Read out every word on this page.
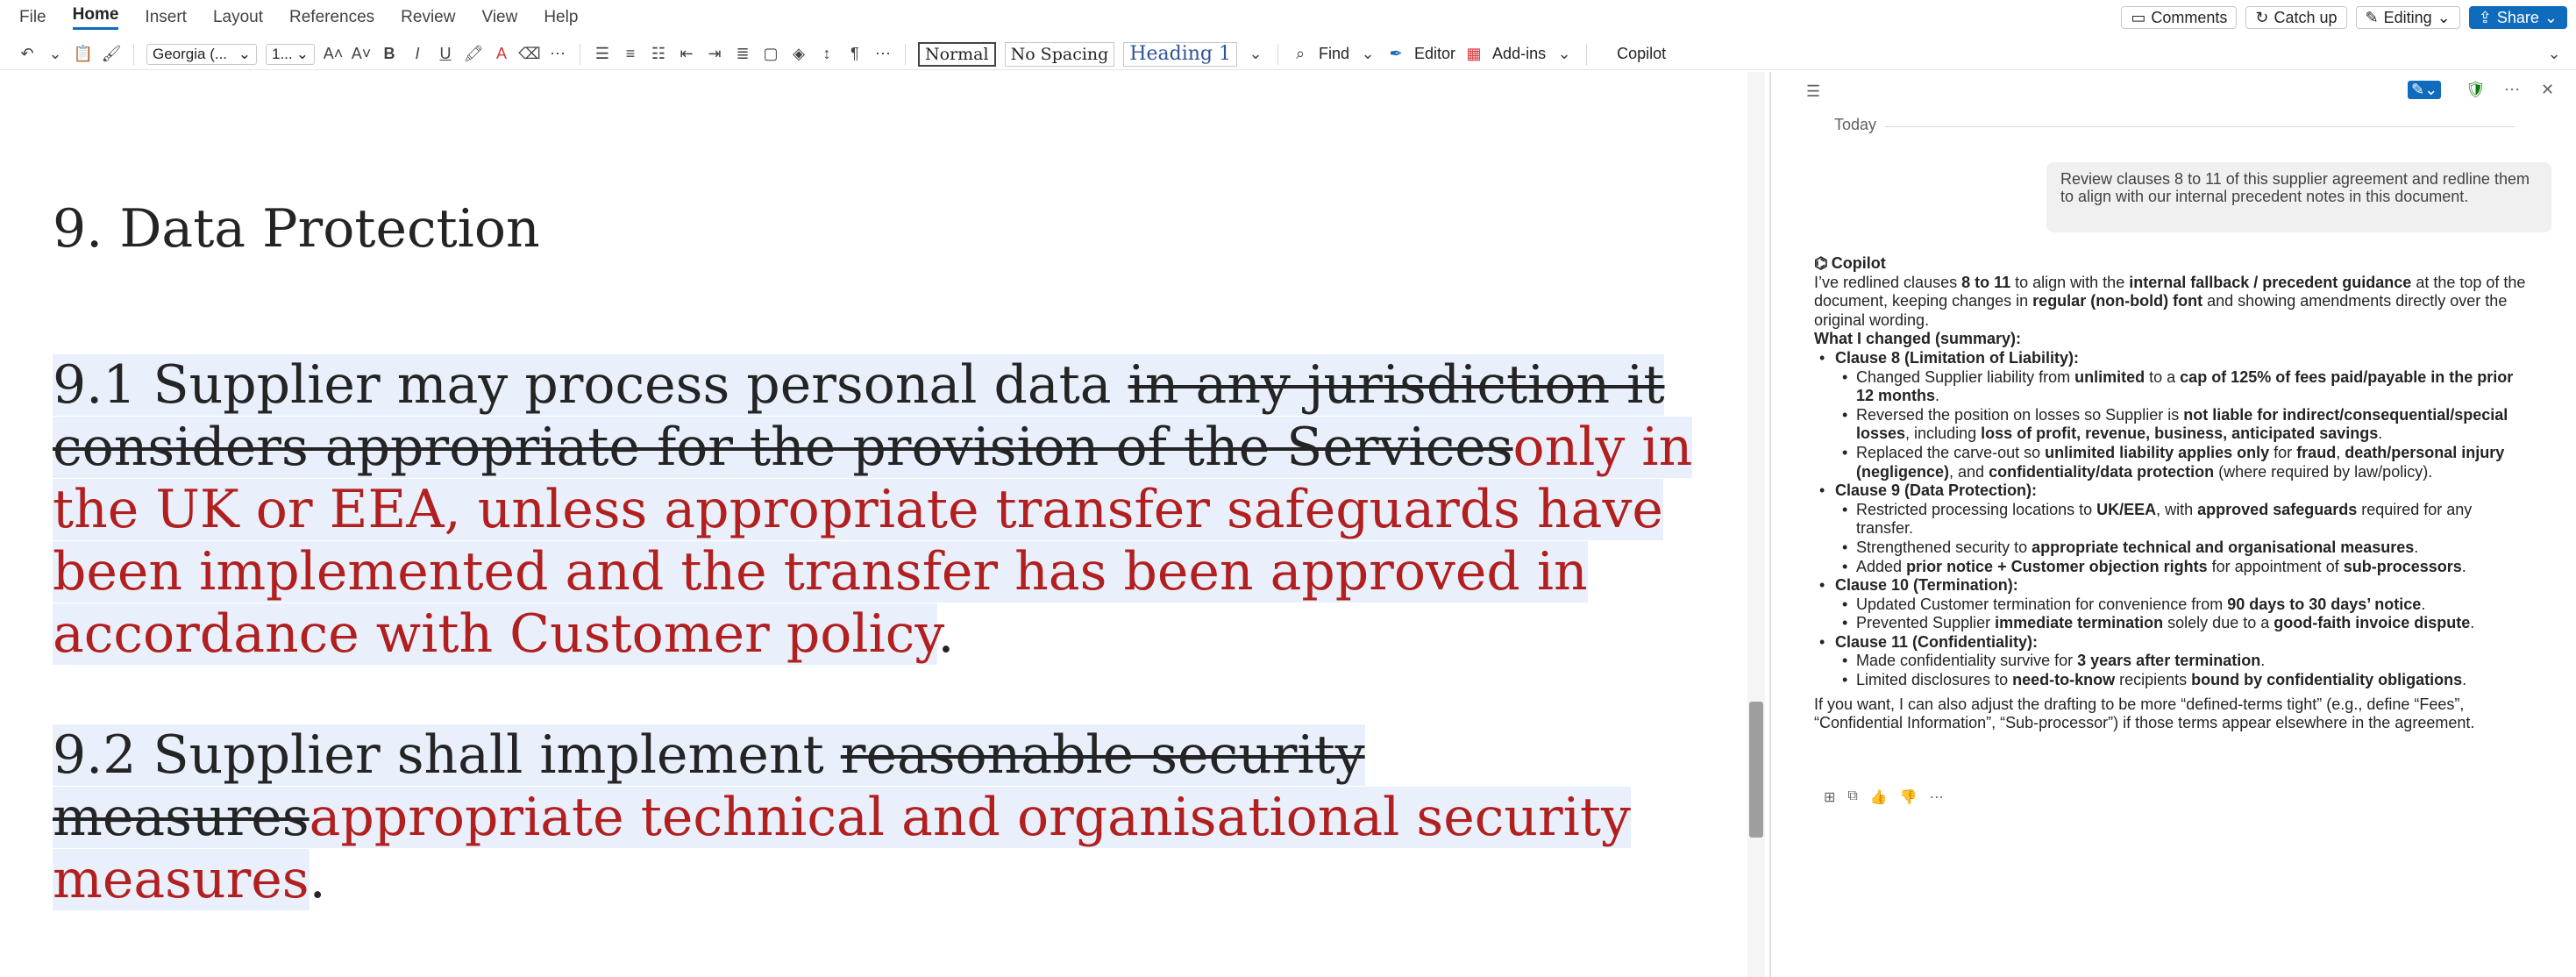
File Home Insert Layout References Review View Help	▭ Comments ↻ Catch up ✎ Editing ⌄ ⇪ Share ⌄
↶ ⌄ 📋 🖌 Georgia (... ⌄ 1... ⌄ A˄ A˅ B	I	U 🖍 A ⌫ ⋯ ☰	≡	☷ ⇤ ⇥ ≣ ▢ ◈	↕	¶	⋯	Normal	No Spacing	Heading 1	⌄	⌕ Find ⌄ ✒ Editor ▦ Add-ins ⌄	Copilot	⌄
﻿
9. Data Protection
9.1 Supplier may process personal data in any jurisdiction it considers appropriate for the provision of the Servicesonly in the UK or EEA, unless appropriate transfer safeguards have been implemented and the transfer has been approved in accordance with Customer policy.
9.2 Supplier shall implement reasonable security measuresappropriate technical and organisational security measures.
☰	✎⌄ 🛡 ⋯ ✕
Today
Review clauses 8 to 11 of this supplier agreement and redline them to align with our internal precedent notes in this document.
⌬ Copilot

I’ve redlined clauses 8 to 11 to align with the internal fallback / precedent guidance at the top of the document, keeping changes in regular (non-bold) font and showing amendments directly over the original wording.

What I changed (summary):

• Clause 8 (Limitation of Liability):
• Changed Supplier liability from unlimited to a cap of 125% of fees paid/payable in the prior 12 months.
• Reversed the position on losses so Supplier is not liable for indirect/consequential/special losses, including loss of profit, revenue, business, anticipated savings.
• Replaced the carve-out so unlimited liability applies only for fraud, death/personal injury (negligence), and confidentiality/data protection (where required by law/policy).
• Clause 9 (Data Protection):
• Restricted processing locations to UK/EEA, with approved safeguards required for any transfer.
• Strengthened security to appropriate technical and organisational measures.
• Added prior notice + Customer objection rights for appointment of sub-processors.
• Clause 10 (Termination):
• Updated Customer termination for convenience from 90 days to 30 days’ notice.
• Prevented Supplier immediate termination solely due to a good-faith invoice dispute.
• Clause 11 (Confidentiality):
• Made confidentiality survive for 3 years after termination.
• Limited disclosures to need-to-know recipients bound by confidentiality obligations.

If you want, I can also adjust the drafting to be more “defined-terms tight” (e.g., define “Fees”, “Confidential Information”, “Sub-processor”) if those terms appear elsewhere in the agreement.

⊞ ⧉ 👍 👎 ⋯
